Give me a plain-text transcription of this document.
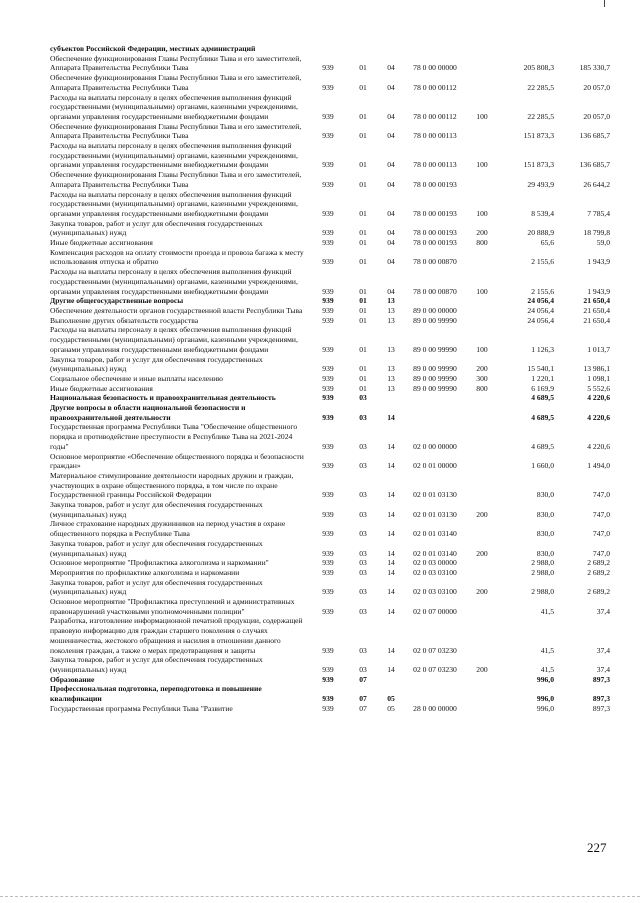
субъектов Российской Федерации, местных администраций							
Обеспечение функционирования Главы Республики Тыва и его заместителей, Аппарата Правительства Республики Тыва	939	01	04	78 0 00 00000		205 808,3	185 330,7
Обеспечение функционирования Главы Республики Тыва и его заместителей, Аппарата Правительства Республики Тыва	939	01	04	78 0 00 00112		22 285,5	20 057,0
Расходы на выплаты персоналу в целях обеспечения выполнения функций государственными (муниципальными) органами, казенными учреждениями, органами управления государственными внебюджетными фондами	939	01	04	78 0 00 00112	100	22 285,5	20 057,0
Обеспечение функционирования Главы Республики Тыва и его заместителей, Аппарата Правительства Республики Тыва	939	01	04	78 0 00 00113		151 873,3	136 685,7
Расходы на выплаты персоналу в целях обеспечения выполнения функций государственными (муниципальными) органами, казенными учреждениями, органами управления государственными внебюджетными фондами	939	01	04	78 0 00 00113	100	151 873,3	136 685,7
Обеспечение функционирования Главы Республики Тыва и его заместителей, Аппарата Правительства Республики Тыва	939	01	04	78 0 00 00193		29 493,9	26 644,2
Расходы на выплаты персоналу в целях обеспечения выполнения функций государственными (муниципальными) органами, казенными учреждениями, органами управления государственными внебюджетными фондами	939	01	04	78 0 00 00193	100	8 539,4	7 785,4
Закупка товаров, работ и услуг для обеспечения государственных (муниципальных) нужд	939	01	04	78 0 00 00193	200	20 888,9	18 799,8
Иные бюджетные ассигнования	939	01	04	78 0 00 00193	800	65,6	59,0
Компенсация расходов на оплату стоимости проезда и провоза багажа к месту использования отпуска и обратно	939	01	04	78 0 00 00870		2 155,6	1 943,9
Расходы на выплаты персоналу в целях обеспечения выполнения функций государственными (муниципальными) органами, казенными учреждениями, органами управления государственными внебюджетными фондами	939	01	04	78 0 00 00870	100	2 155,6	1 943,9
Другие общегосударственные вопросы	939	01	13			24 056,4	21 650,4
Обеспечение деятельности органов государственной власти Республики Тыва	939	01	13	89 0 00 00000		24 056,4	21 650,4
Выполнение других обязательств государства	939	01	13	89 0 00 99990		24 056,4	21 650,4
Расходы на выплаты персоналу в целях обеспечения выполнения функций государственными (муниципальными) органами, казенными учреждениями, органами управления государственными внебюджетными фондами	939	01	13	89 0 00 99990	100	1 126,3	1 013,7
Закупка товаров, работ и услуг для обеспечения государственных (муниципальных) нужд	939	01	13	89 0 00 99990	200	15 540,1	13 986,1
Социальное обеспечение и иные выплаты населению	939	01	13	89 0 00 99990	300	1 220,1	1 098,1
Иные бюджетные ассигнования	939	01	13	89 0 00 99990	800	6 169,9	5 552,6
Национальная безопасность и правоохранительная деятельность	939	03				4 689,5	4 220,6
Другие вопросы в области национальной безопасности и правоохранительной деятельности	939	03	14			4 689,5	4 220,6
Государственная программа Республики Тыва "Обеспечение общественного порядка и противодействие преступности в Республике Тыва на 2021-2024 годы"	939	03	14	02 0 00 00000		4 689,5	4 220,6
Основное мероприятие «Обеспечение общественного порядка и безопасности граждан»	939	03	14	02 0 01 00000		1 660,0	1 494,0
Материальное стимулирование деятельности народных дружин и граждан, участвующих в охране общественного порядка, в том числе по охране Государственной границы Российской Федерации	939	03	14	02 0 01 03130		830,0	747,0
Закупка товаров, работ и услуг для обеспечения государственных (муниципальных) нужд	939	03	14	02 0 01 03130	200	830,0	747,0
Личное страхование народных дружинников на период участия в охране общественного порядка в Республике Тыва	939	03	14	02 0 01 03140		830,0	747,0
Закупка товаров, работ и услуг для обеспечения государственных (муниципальных) нужд	939	03	14	02 0 01 03140	200	830,0	747,0
Основное мероприятие "Профилактика алкоголизма и наркомании"	939	03	14	02 0 03 00000		2 988,0	2 689,2
Мероприятия по профилактике алкоголизма и наркомании	939	03	14	02 0 03 03100		2 988,0	2 689,2
Закупка товаров, работ и услуг для обеспечения государственных (муниципальных) нужд	939	03	14	02 0 03 03100	200	2 988,0	2 689,2
Основное мероприятие "Профилактика преступлений и административных правонарушений участковыми уполномоченными полиции"	939	03	14	02 0 07 00000		41,5	37,4
Разработка, изготовление информационной печатной продукции, содержащей правовую информацию для граждан старшего поколения о случаях мошенничества, жестокого обращения и насилия в отношении данного поколения граждан, а также о мерах предотвращения и защиты	939	03	14	02 0 07 03230		41,5	37,4
Закупка товаров, работ и услуг для обеспечения государственных (муниципальных) нужд	939	03	14	02 0 07 03230	200	41,5	37,4
Образование	939	07				996,0	897,3
Профессиональная подготовка, переподготовка и повышение квалификации	939	07	05			996,0	897,3
Государственная программа Республики Тыва "Развитие	939	07	05	28 0 00 00000		996,0	897,3
227
